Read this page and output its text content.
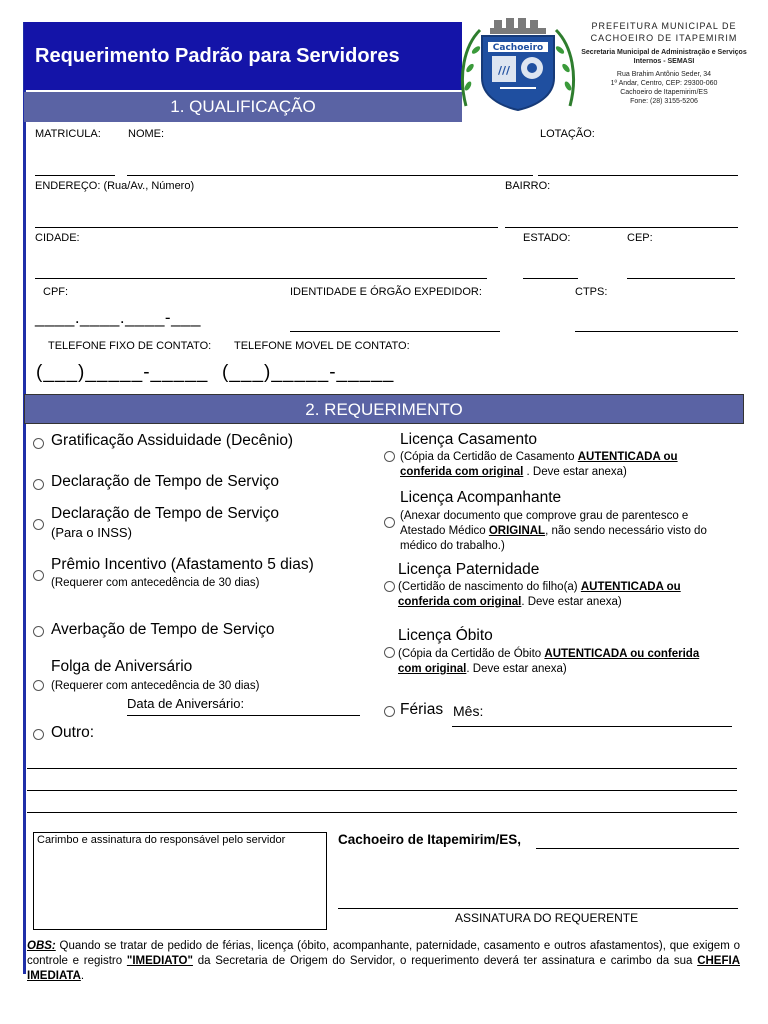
Requerimento Padrão para Servidores	Cachoeiro
///
PREFEITURA MUNICIPAL DE CACHOEIRO DE ITAPEMIRIM
Secretaria Municipal de Administração e Serviços Internos - SEMASI
Rua Brahim Antônio Seder, 34
1º Andar, Centro, CEP: 29300-060
Cachoeiro de Itapemirim/ES
Fone: (28) 3155-5206
1. QUALIFICAÇÃO
MATRICULA: NOME:	LOTAÇÃO:
ENDEREÇO: (Rua/Av., Número)	BAIRRO:
CIDADE:	ESTADO:	CEP:
CPF:	IDENTIDADE E ÓRGÃO EXPEDIDOR:	CTPS:
____.____.____-___
TELEFONE FIXO DE CONTATO: TELEFONE MOVEL DE CONTATO:
(___)_____-_____ (___)_____-_____
2. REQUERIMENTO
Gratificação Assiduidade (Decênio)
Declaração de Tempo de Serviço
Declaração de Tempo de Serviço
(Para o INSS)
Prêmio Incentivo (Afastamento 5 dias)
(Requerer com antecedência de 30 dias)
Averbação de Tempo de Serviço
Folga de Aniversário
(Requerer com antecedência de 30 dias)
Data de Aniversário:
Outro:
Licença Casamento
(Cópia da Certidão de Casamento AUTENTICADA ou conferida com original . Deve estar anexa)
Licença Acompanhante
(Anexar documento que comprove grau de parentesco e Atestado Médico ORIGINAL, não sendo necessário visto do médico do trabalho.)
Licença Paternidade
(Certidão de nascimento do filho(a) AUTENTICADA ou conferida com original. Deve estar anexa)
Licença Óbito
(Cópia da Certidão de Óbito AUTENTICADA ou conferida com original. Deve estar anexa)
Férias Mês:
Carimbo e assinatura do responsável pelo servidor	Cachoeiro de Itapemirim/ES,
ASSINATURA DO REQUERENTE
OBS: Quando se tratar de pedido de férias, licença (óbito, acompanhante, paternidade, casamento e outros afastamentos), que exigem o controle e registro "IMEDIATO" da Secretaria de Origem do Servidor, o requerimento deverá ter assinatura e carimbo da sua CHEFIA IMEDIATA.
